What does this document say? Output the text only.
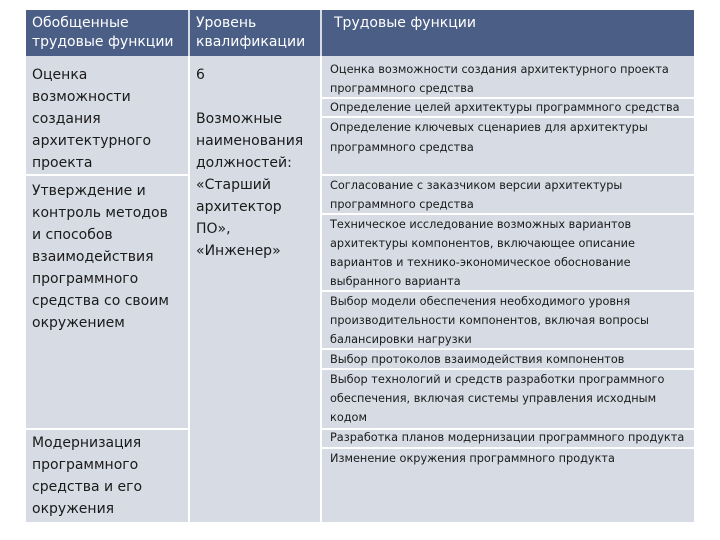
Обобщенные
трудовые функции
Уровень
квалификации
Трудовые функции
Оценка
возможности
создания
архитектурного
проекта
Утверждение и
контроль методов
и способов
взаимодействия
программного
средства со своим
окружением
Модернизация
программного
средства и его
окружения
6
Возможные
наименования
должностей:
«Старший
архитектор
ПО»,
«Инженер»
Оценка возможности создания архитектурного проекта
программного средства
Определение целей архитектуры программного средства
Определение ключевых сценариев для архитектуры
программного средства
Согласование с заказчиком версии архитектуры
программного средства
Техническое исследование возможных вариантов
архитектуры компонентов, включающее описание
вариантов и технико-экономическое обоснование
выбранного варианта
Выбор модели обеспечения необходимого уровня
производительности компонентов, включая вопросы
балансировки нагрузки
Выбор протоколов взаимодействия компонентов
Выбор технологий и средств разработки программного
обеспечения, включая системы управления исходным
кодом
Разработка планов модернизации программного продукта
Изменение окружения программного продукта
